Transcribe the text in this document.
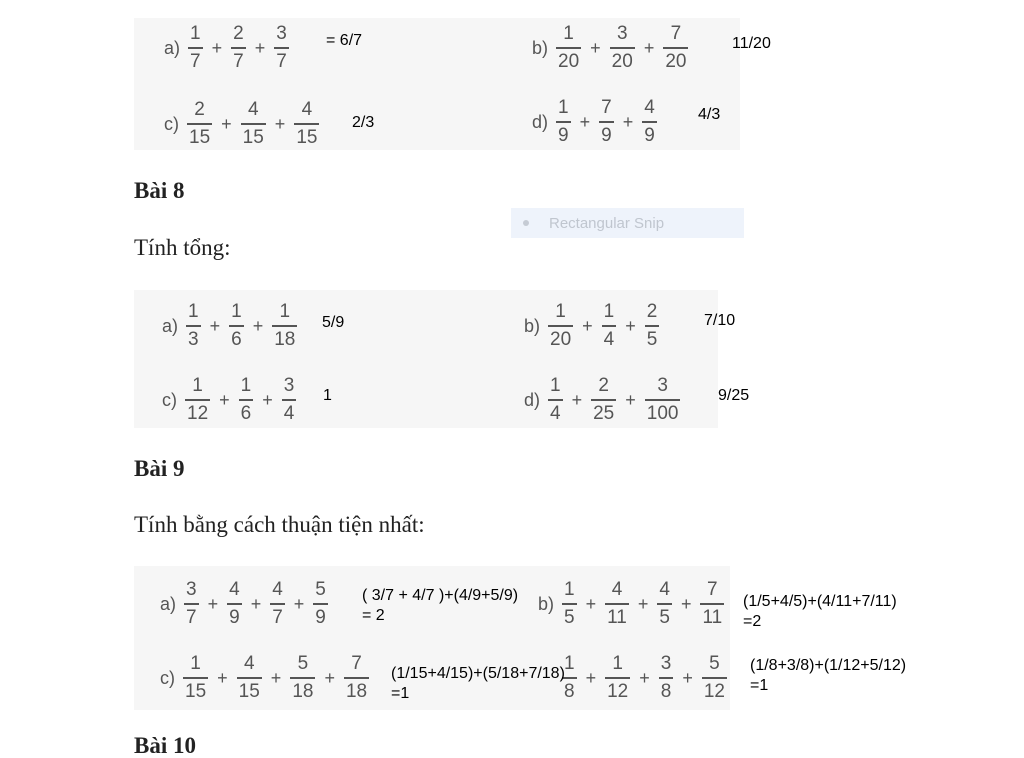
$a) \frac{1}{7} + \frac{2}{7} + \frac{3}{7}$	$b) \frac{1}{20} + \frac{3}{20} + \frac{7}{20}$
$c) \frac{2}{15} + \frac{4}{15} + \frac{4}{15}$	$d) \frac{1}{9} + \frac{7}{9} + \frac{4}{9}$
= 6/7	11/20
2/3	4/3
Bài 8
Tính tổng:
Rectangular Snip
$a) \frac{1}{3} + \frac{1}{6} + \frac{1}{18}$	$b) \frac{1}{20} + \frac{1}{4} + \frac{2}{5}$
$c) \frac{1}{12} + \frac{1}{6} + \frac{3}{4}$	$d) \frac{1}{4} + \frac{2}{25} + \frac{3}{100}$
5/9	7/10
1	9/25
Bài 9
Tính bằng cách thuận tiện nhất:
$a) \frac{3}{7} + \frac{4}{9} + \frac{4}{7} + \frac{5}{9}$	$b) \frac{1}{5} + \frac{4}{11} + \frac{4}{5} + \frac{7}{11}$
$c) \frac{1}{15} + \frac{4}{15} + \frac{5}{18} + \frac{7}{18}$	$\frac{1}{8} + \frac{1}{12} + \frac{3}{8} + \frac{5}{12}$
( 3/7 + 4/7 )+(4/9+5/9)
= 2
(1/5+4/5)+(4/11+7/11)
=2
(1/15+4/15)+(5/18+7/18)
=1
(1/8+3/8)+(1/12+5/12)
=1
Bài 10
